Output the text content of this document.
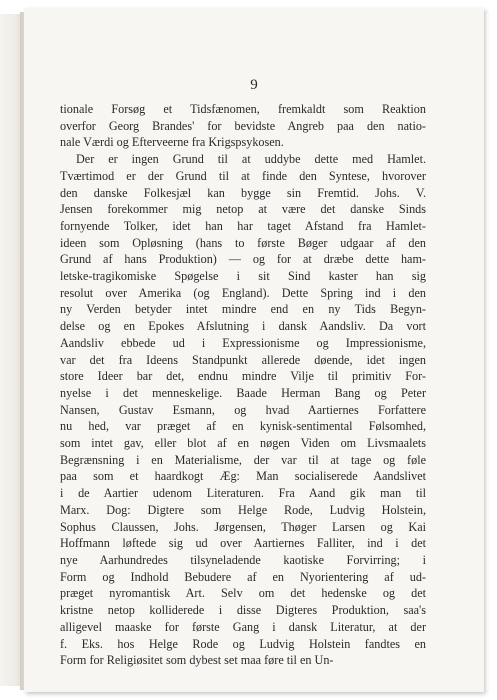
9
tionale Forsøg et Tidsfænomen, fremkaldt som Reaktion
overfor Georg Brandes' for bevidste Angreb paa den natio-
nale Værdi og Efterveerne fra Krigspsykosen.
Der er ingen Grund til at uddybe dette med Hamlet.
Tværtimod er der Grund til at finde den Syntese, hvorover
den danske Folkesjæl kan bygge sin Fremtid. Johs. V.
Jensen forekommer mig netop at være det danske Sinds
fornyende Tolker, idet han har taget Afstand fra Hamlet-
ideen som Opløsning (hans to første Bøger udgaar af den
Grund af hans Produktion) — og for at dræbe dette ham-
letske-tragikomiske Spøgelse i sit Sind kaster han sig
resolut over Amerika (og England). Dette Spring ind i den
ny Verden betyder intet mindre end en ny Tids Begyn-
delse og en Epokes Afslutning i dansk Aandsliv. Da vort
Aandsliv ebbede ud i Expressionisme og Impressionisme,
var det fra Ideens Standpunkt allerede døende, idet ingen
store Ideer bar det, endnu mindre Vilje til primitiv For-
nyelse i det menneskelige. Baade Herman Bang og Peter
Nansen, Gustav Esmann, og hvad Aartiernes Forfattere
nu hed, var præget af en kynisk-sentimental Følsomhed,
som intet gav, eller blot af en nøgen Viden om Livsmaalets
Begrænsning i en Materialisme, der var til at tage og føle
paa som et haardkogt Æg: Man socialiserede Aandslivet
i de Aartier udenom Literaturen. Fra Aand gik man til
Marx. Dog: Digtere som Helge Rode, Ludvig Holstein,
Sophus Claussen, Johs. Jørgensen, Thøger Larsen og Kai
Hoffmann løftede sig ud over Aartiernes Falliter, ind i det
nye Aarhundredes tilsyneladende kaotiske Forvirring; i
Form og Indhold Bebudere af en Nyorientering af ud-
præget nyromantisk Art. Selv om det hedenske og det
kristne netop kolliderede i disse Digteres Produktion, saa's
alligevel maaske for første Gang i dansk Literatur, at der
f. Eks. hos Helge Rode og Ludvig Holstein fandtes en
Form for Religiøsitet som dybest set maa føre til en Un-
